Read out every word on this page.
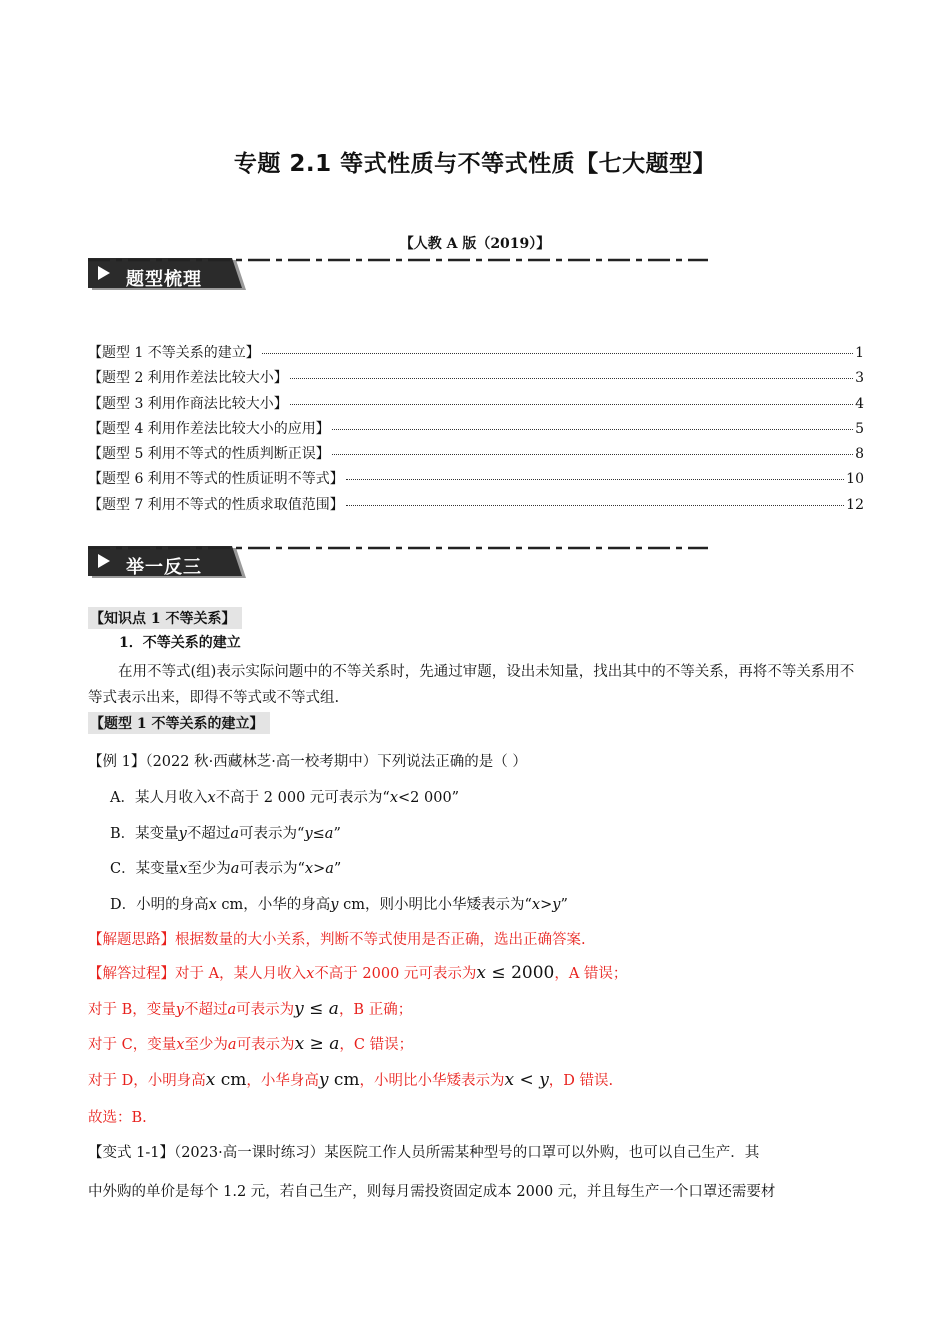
专题 2.1 等式性质与不等式性质【七大题型】
【人教 A 版（2019）】
题型梳理
【题型 1 不等关系的建立】	1
【题型 2 利用作差法比较大小】	3
【题型 3 利用作商法比较大小】	4
【题型 4 利用作差法比较大小的应用】	5
【题型 5 利用不等式的性质判断正误】	8
【题型 6 利用不等式的性质证明不等式】	10
【题型 7 利用不等式的性质求取值范围】	12
举一反三
【知识点 1 不等关系】
1．不等关系的建立
在用不等式(组)表示实际问题中的不等关系时，先通过审题，设出未知量，找出其中的不等关系，再将不等关系用不等式表示出来，即得不等式或不等式组.
【题型 1 不等关系的建立】
【例 1】（2022 秋·西藏林芝·高一校考期中）下列说法正确的是（ ）
A．某人月收入x不高于 2 000 元可表示为“x<2 000”
B．某变量y不超过a可表示为“y≤a”
C．某变量x至少为a可表示为“x>a”
D．小明的身高x cm，小华的身高y cm，则小明比小华矮表示为“x>y”
【解题思路】根据数量的大小关系，判断不等式使用是否正确，选出正确答案.
【解答过程】对于 A，某人月收入x不高于 2000 元可表示为x ≤ 2000，A 错误；
对于 B，变量y不超过a可表示为y ≤ a，B 正确；
对于 C，变量x至少为a可表示为x ≥ a，C 错误；
对于 D，小明身高x cm，小华身高y cm，小明比小华矮表示为x < y，D 错误.
故选：B.
【变式 1-1】（2023·高一课时练习）某医院工作人员所需某种型号的口罩可以外购，也可以自己生产．其
中外购的单价是每个 1.2 元，若自己生产，则每月需投资固定成本 2000 元，并且每生产一个口罩还需要材
